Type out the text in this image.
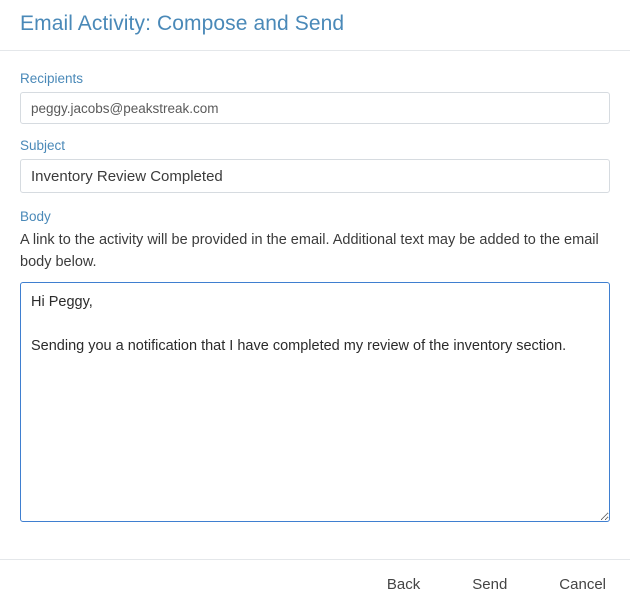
Email Activity: Compose and Send
Recipients
peggy.jacobs@peakstreak.com
Subject
Inventory Review Completed
Body
A link to the activity will be provided in the email. Additional text may be added to the email body below.
Hi Peggy, Sending you a notification that I have completed my review of the inventory section.
Back	Send	Cancel
